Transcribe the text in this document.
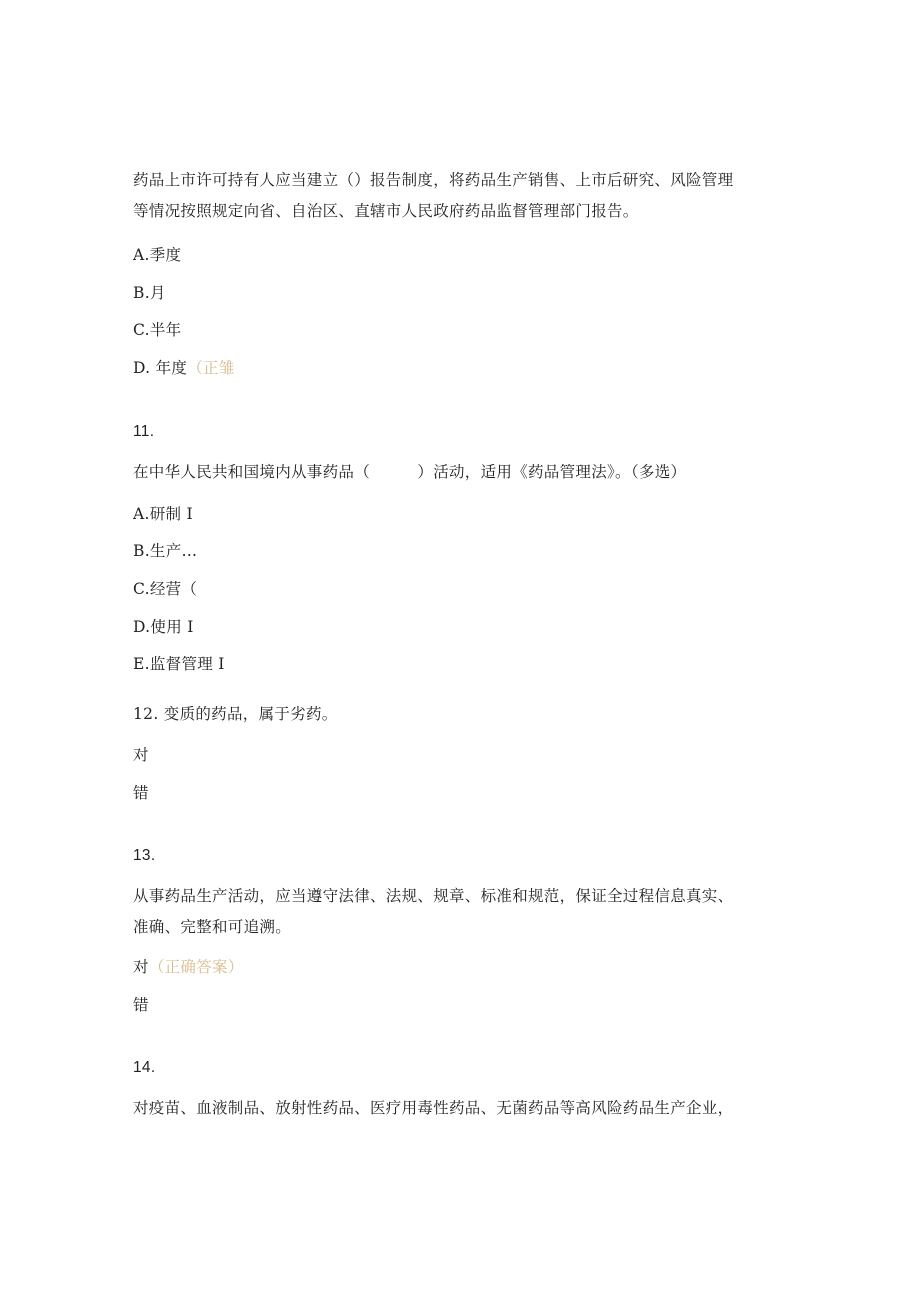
药品上市许可持有人应当建立（）报告制度，将药品生产销售、上市后研究、风险管理
等情况按照规定向省、自治区、直辖市人民政府药品监督管理部门报告。
A.季度
B.月
C.半年
D. 年度（正雏
11.
在中华人民共和国境内从事药品（　　　）活动，适用《药品管理法》。（多选）
A.研制 I
B.生产…
C.经营（
D.使用 I
E.监督管理 I
12. 变质的药品，属于劣药。
对
错
13.
从事药品生产活动，应当遵守法律、法规、规章、标准和规范，保证全过程信息真实、
准确、完整和可追溯。
对（正确答案）
错
14.
对疫苗、血液制品、放射性药品、医疗用毒性药品、无菌药品等高风险药品生产企业，
